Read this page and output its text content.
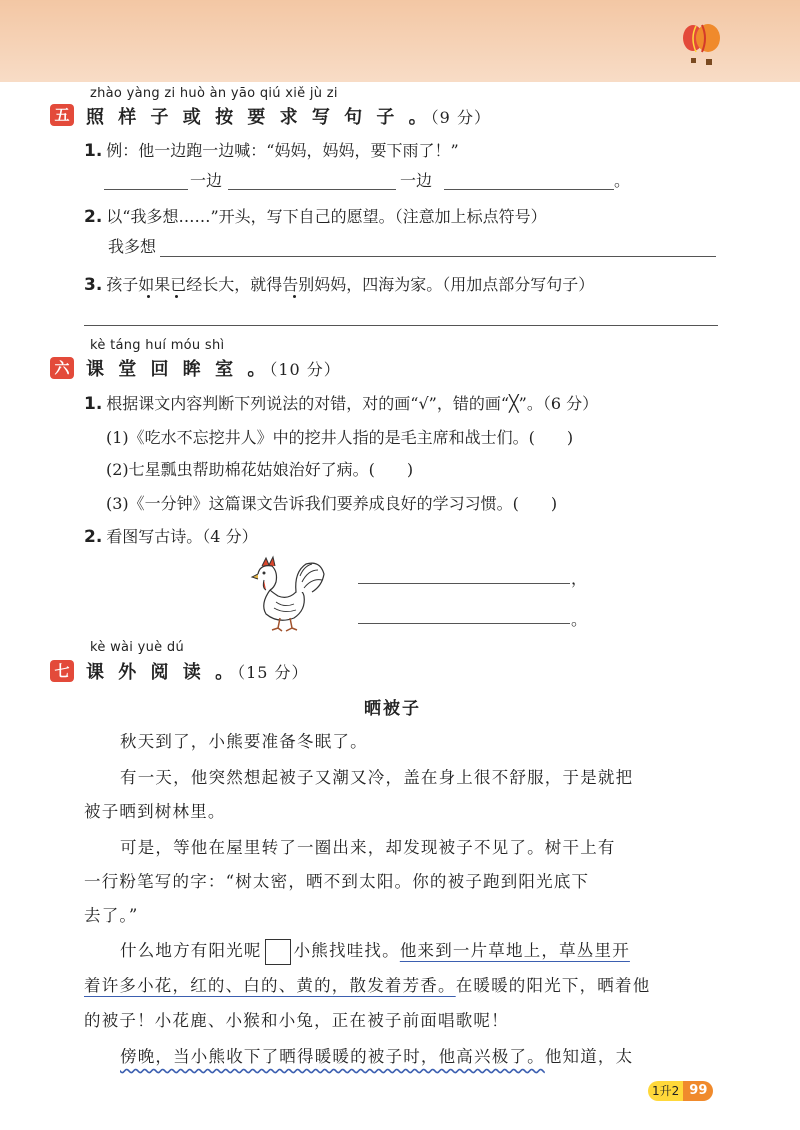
zhào yàng zi huò àn yāo qiú xiě jù zi
五 照 样 子 或 按 要 求 写 句 子 。（9 分）
1. 例：他一边跑一边喊：“妈妈，妈妈，要下雨了！”
一边	一边	。
2. 以“我多想……”开头，写下自己的愿望。（注意加上标点符号）
我多想
3. 孩子如果已经长大，就得告别妈妈，四海为家。（用加点部分写句子）
kè táng huí móu shì
六 课 堂 回 眸 室 。（10 分）
1. 根据课文内容判断下列说法的对错，对的画“√”，错的画“╳”。（6 分）
(1)《吃水不忘挖井人》中的挖井人指的是毛主席和战士们。(　　)
(2)七星瓢虫帮助棉花姑娘治好了病。(　　)
(3)《一分钟》这篇课文告诉我们要养成良好的学习习惯。(　　)
2. 看图写古诗。（4 分）
，
。
kè wài yuè dú
七 课 外 阅 读 。（15 分）
晒被子
秋天到了，小熊要准备冬眠了。
有一天，他突然想起被子又潮又冷，盖在身上很不舒服，于是就把
被子晒到树林里。
可是，等他在屋里转了一圈出来，却发现被子不见了。树干上有
一行粉笔写的字：“树太密，晒不到太阳。你的被子跑到阳光底下
去了。”
什么地方有阳光呢 小熊找哇找。他来到一片草地上，草丛里开
着许多小花，红的、白的、黄的，散发着芳香。在暖暖的阳光下，晒着他
的被子！小花鹿、小猴和小兔，正在被子前面唱歌呢！
傍晚，当小熊收下了晒得暖暖的被子时，他高兴极了。他知道，太
1升2 99
